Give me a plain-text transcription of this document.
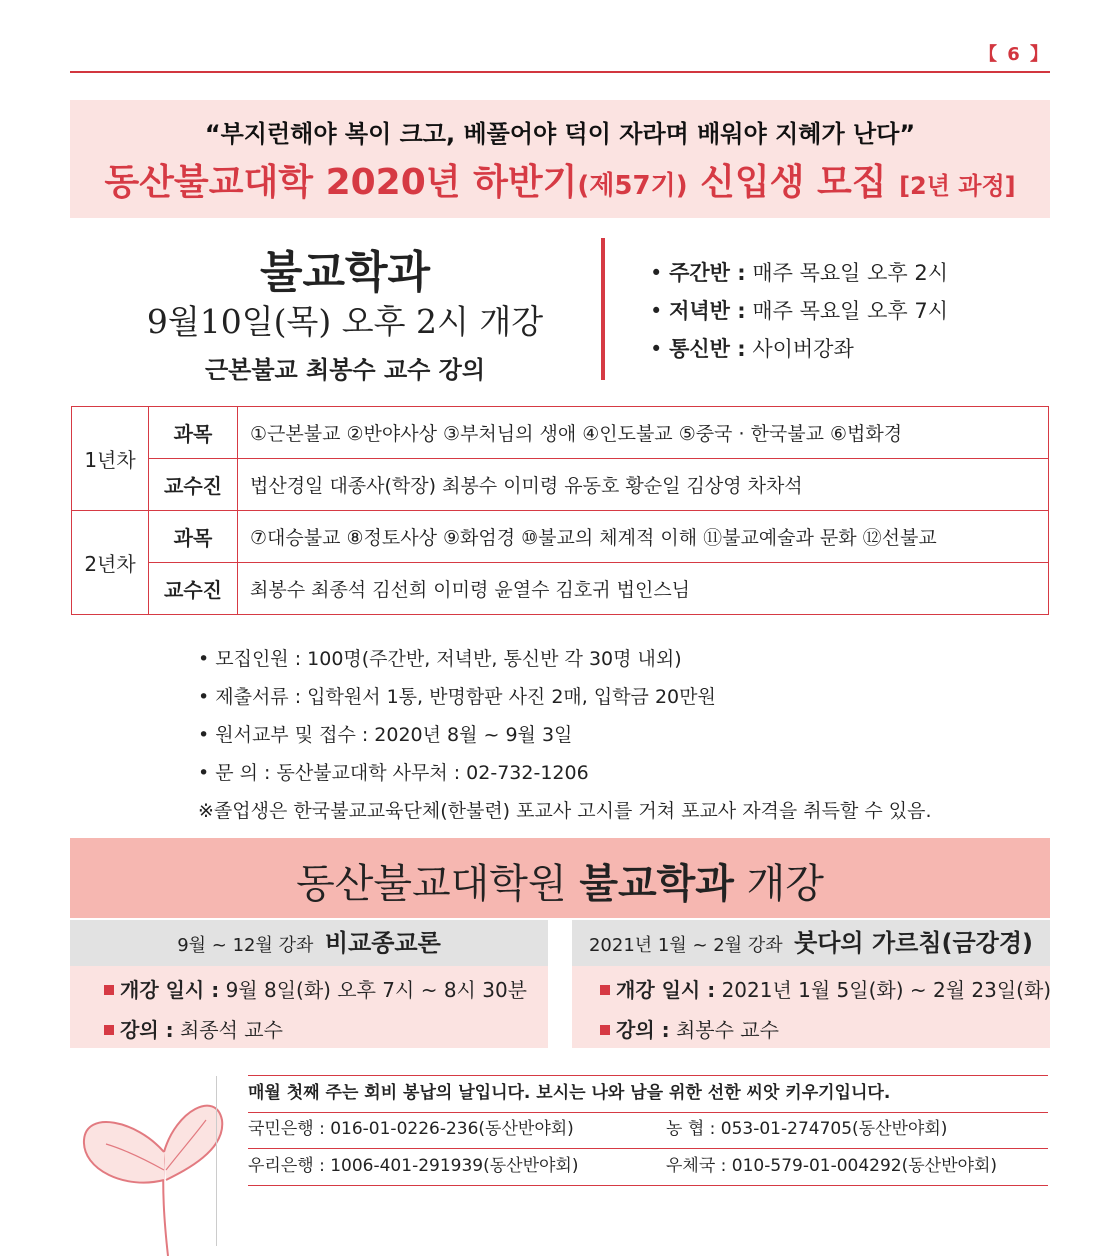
【 6 】
“부지런해야 복이 크고, 베풀어야 덕이 자라며 배워야 지혜가 난다”
동산불교대학 2020년 하반기(제57기) 신입생 모집 [2년 과정]
불교학과
9월10일(목) 오후 2시 개강
근본불교 최봉수 교수 강의
• 주간반 : 매주 목요일 오후 2시
• 저녁반 : 매주 목요일 오후 7시
• 통신반 : 사이버강좌
1년차	과목	①근본불교 ②반야사상 ③부처님의 생애 ④인도불교 ⑤중국 · 한국불교 ⑥법화경
	교수진	법산경일 대종사(학장) 최봉수 이미령 유동호 황순일 김상영 차차석
2년차	과목	⑦대승불교 ⑧정토사상 ⑨화엄경 ⑩불교의 체계적 이해 ⑪불교예술과 문화 ⑫선불교
	교수진	최봉수 최종석 김선희 이미령 윤열수 김호귀 법인스님
• 모집인원 : 100명(주간반, 저녁반, 통신반 각 30명 내외)
• 제출서류 : 입학원서 1통, 반명함판 사진 2매, 입학금 20만원
• 원서교부 및 접수 : 2020년 8월 ~ 9월 3일
• 문 의 : 동산불교대학 사무처 : 02-732-1206
※졸업생은 한국불교교육단체(한불련) 포교사 고시를 거쳐 포교사 자격을 취득할 수 있음.
동산불교대학원 불교학과 개강
9월 ~ 12월 강좌 비교종교론	2021년 1월 ~ 2월 강좌 붓다의 가르침(금강경)
개강 일시 : 9월 8일(화) 오후 7시 ~ 8시 30분
강의 : 최종석 교수
개강 일시 : 2021년 1월 5일(화) ~ 2월 23일(화)
강의 : 최봉수 교수
매월 첫째 주는 회비 봉납의 날입니다. 보시는 나와 남을 위한 선한 씨앗 키우기입니다.
국민은행 : 016-01-0226-236(동산반야회)	농 협 : 053-01-274705(동산반야회)
우리은행 : 1006-401-291939(동산반야회)	우체국 : 010-579-01-004292(동산반야회)
